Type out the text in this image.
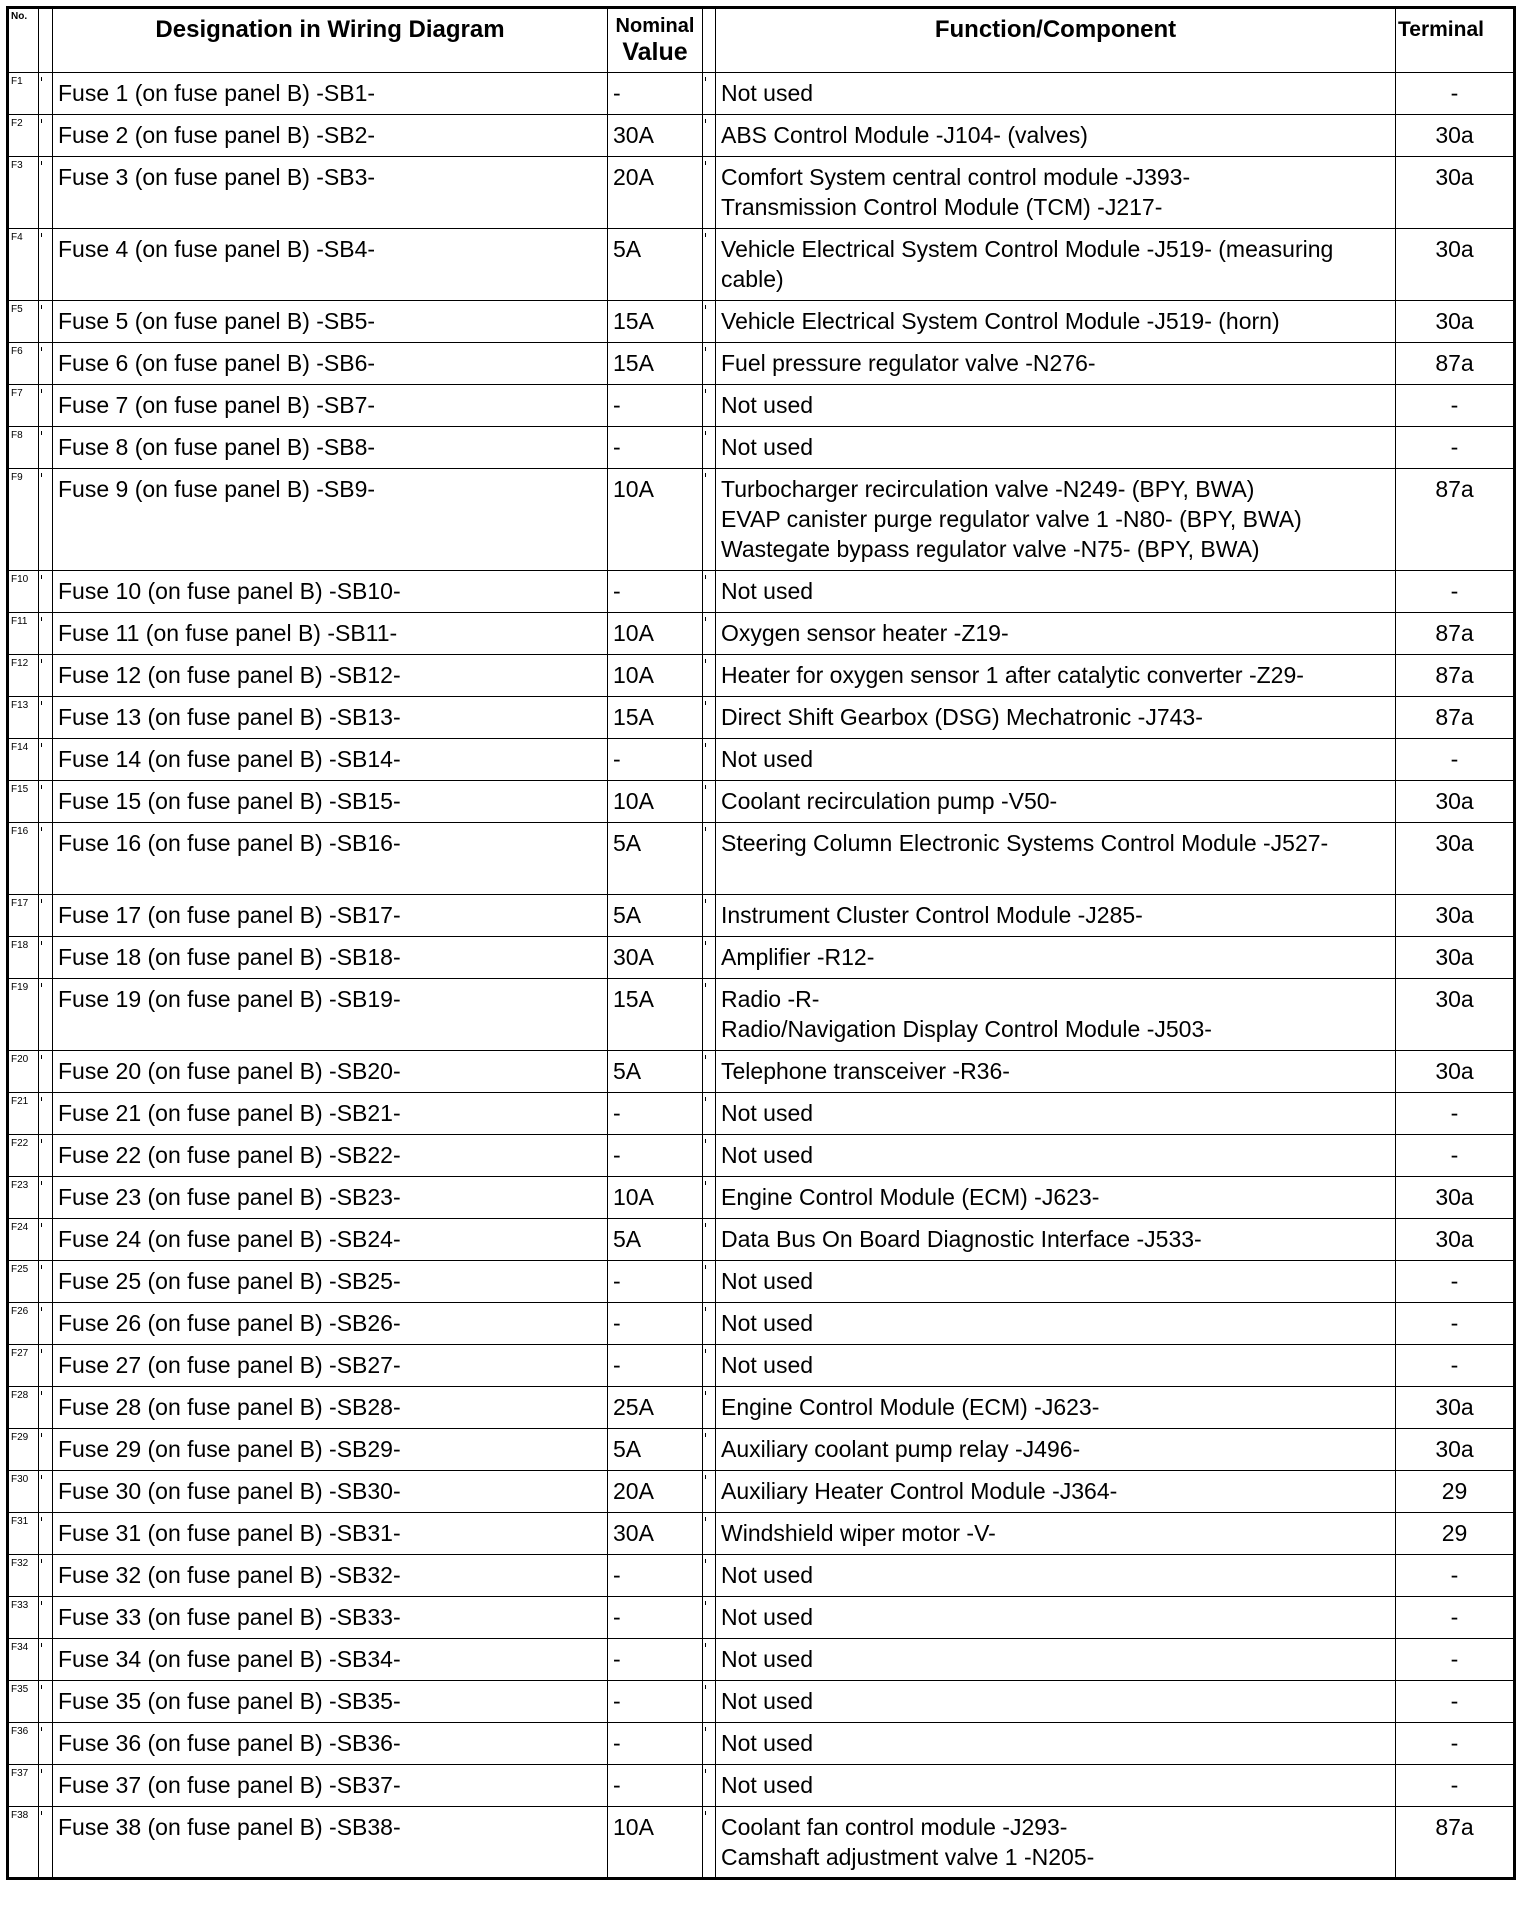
No.		Designation in Wiring Diagram	Nominal
Value		Function/Component	Terminal
F1		Fuse 1 (on fuse panel B) -SB1-	-		Not used	-
F2		Fuse 2 (on fuse panel B) -SB2-	30A		ABS Control Module -J104- (valves)	30a
F3		Fuse 3 (on fuse panel B) -SB3-	20A		Comfort System central control module -J393-
Transmission Control Module (TCM) -J217-	30a
F4		Fuse 4 (on fuse panel B) -SB4-	5A		Vehicle Electrical System Control Module -J519- (measuring cable)	30a
F5		Fuse 5 (on fuse panel B) -SB5-	15A		Vehicle Electrical System Control Module -J519- (horn)	30a
F6		Fuse 6 (on fuse panel B) -SB6-	15A		Fuel pressure regulator valve -N276-	87a
F7		Fuse 7 (on fuse panel B) -SB7-	-		Not used	-
F8		Fuse 8 (on fuse panel B) -SB8-	-		Not used	-
F9		Fuse 9 (on fuse panel B) -SB9-	10A		Turbocharger recirculation valve -N249- (BPY, BWA)
EVAP canister purge regulator valve 1 -N80- (BPY, BWA)
Wastegate bypass regulator valve -N75- (BPY, BWA)	87a
F10		Fuse 10 (on fuse panel B) -SB10-	-		Not used	-
F11		Fuse 11 (on fuse panel B) -SB11-	10A		Oxygen sensor heater -Z19-	87a
F12		Fuse 12 (on fuse panel B) -SB12-	10A		Heater for oxygen sensor 1 after catalytic converter -Z29-	87a
F13		Fuse 13 (on fuse panel B) -SB13-	15A		Direct Shift Gearbox (DSG) Mechatronic -J743-	87a
F14		Fuse 14 (on fuse panel B) -SB14-	-		Not used	-
F15		Fuse 15 (on fuse panel B) -SB15-	10A		Coolant recirculation pump -V50-	30a
F16		Fuse 16 (on fuse panel B) -SB16-	5A		Steering Column Electronic Systems Control Module -J527-	30a
F17		Fuse 17 (on fuse panel B) -SB17-	5A		Instrument Cluster Control Module -J285-	30a
F18		Fuse 18 (on fuse panel B) -SB18-	30A		Amplifier -R12-	30a
F19		Fuse 19 (on fuse panel B) -SB19-	15A		Radio -R-
Radio/Navigation Display Control Module -J503-	30a
F20		Fuse 20 (on fuse panel B) -SB20-	5A		Telephone transceiver -R36-	30a
F21		Fuse 21 (on fuse panel B) -SB21-	-		Not used	-
F22		Fuse 22 (on fuse panel B) -SB22-	-		Not used	-
F23		Fuse 23 (on fuse panel B) -SB23-	10A		Engine Control Module (ECM) -J623-	30a
F24		Fuse 24 (on fuse panel B) -SB24-	5A		Data Bus On Board Diagnostic Interface -J533-	30a
F25		Fuse 25 (on fuse panel B) -SB25-	-		Not used	-
F26		Fuse 26 (on fuse panel B) -SB26-	-		Not used	-
F27		Fuse 27 (on fuse panel B) -SB27-	-		Not used	-
F28		Fuse 28 (on fuse panel B) -SB28-	25A		Engine Control Module (ECM) -J623-	30a
F29		Fuse 29 (on fuse panel B) -SB29-	5A		Auxiliary coolant pump relay -J496-	30a
F30		Fuse 30 (on fuse panel B) -SB30-	20A		Auxiliary Heater Control Module -J364-	29
F31		Fuse 31 (on fuse panel B) -SB31-	30A		Windshield wiper motor -V-	29
F32		Fuse 32 (on fuse panel B) -SB32-	-		Not used	-
F33		Fuse 33 (on fuse panel B) -SB33-	-		Not used	-
F34		Fuse 34 (on fuse panel B) -SB34-	-		Not used	-
F35		Fuse 35 (on fuse panel B) -SB35-	-		Not used	-
F36		Fuse 36 (on fuse panel B) -SB36-	-		Not used	-
F37		Fuse 37 (on fuse panel B) -SB37-	-		Not used	-
F38		Fuse 38 (on fuse panel B) -SB38-	10A		Coolant fan control module -J293-
Camshaft adjustment valve 1 -N205-	87a
